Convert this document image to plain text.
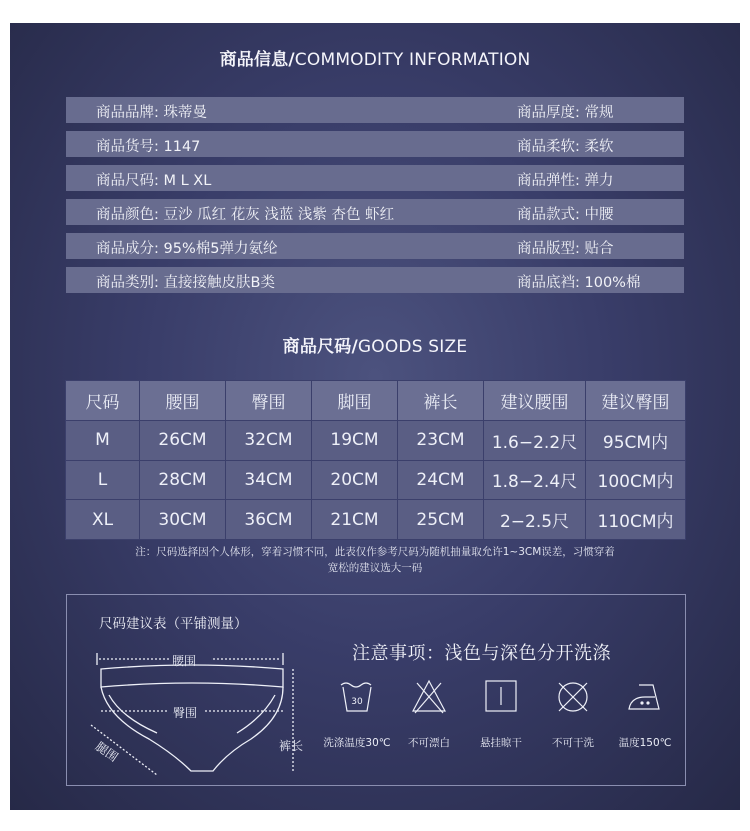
商品信息/COMMODITY INFORMATION
商品品牌: 珠蒂曼	商品厚度: 常规
商品货号: 1147	商品柔软: 柔软
商品尺码: M L XL	商品弹性: 弹力
商品颜色: 豆沙 瓜红 花灰 浅蓝 浅紫 杏色 虾红	商品款式: 中腰
商品成分: 95%棉5弹力氨纶	商品版型: 贴合
商品类别: 直接接触皮肤B类	商品底裆: 100%棉
商品尺码/GOODS SIZE
尺码	腰围	臀围	脚围	裤长	建议腰围	建议臀围
M	26CM	32CM	19CM	23CM	1.6−2.2尺	95CM内
L	28CM	34CM	20CM	24CM	1.8−2.4尺	100CM内
XL	30CM	36CM	21CM	25CM	2−2.5尺	110CM内
注：尺码选择因个人体形，穿着习惯不同，此表仅作参考尺码为随机抽量取允许1~3CM误差，习惯穿着
宽松的建议选大一码
尺码建议表（平铺测量）
腰围
臀围
裤长
腿围
注意事项：浅色与深色分开洗涤
30
洗涤温度30℃	不可漂白	悬挂晾干	不可干洗	温度150℃
